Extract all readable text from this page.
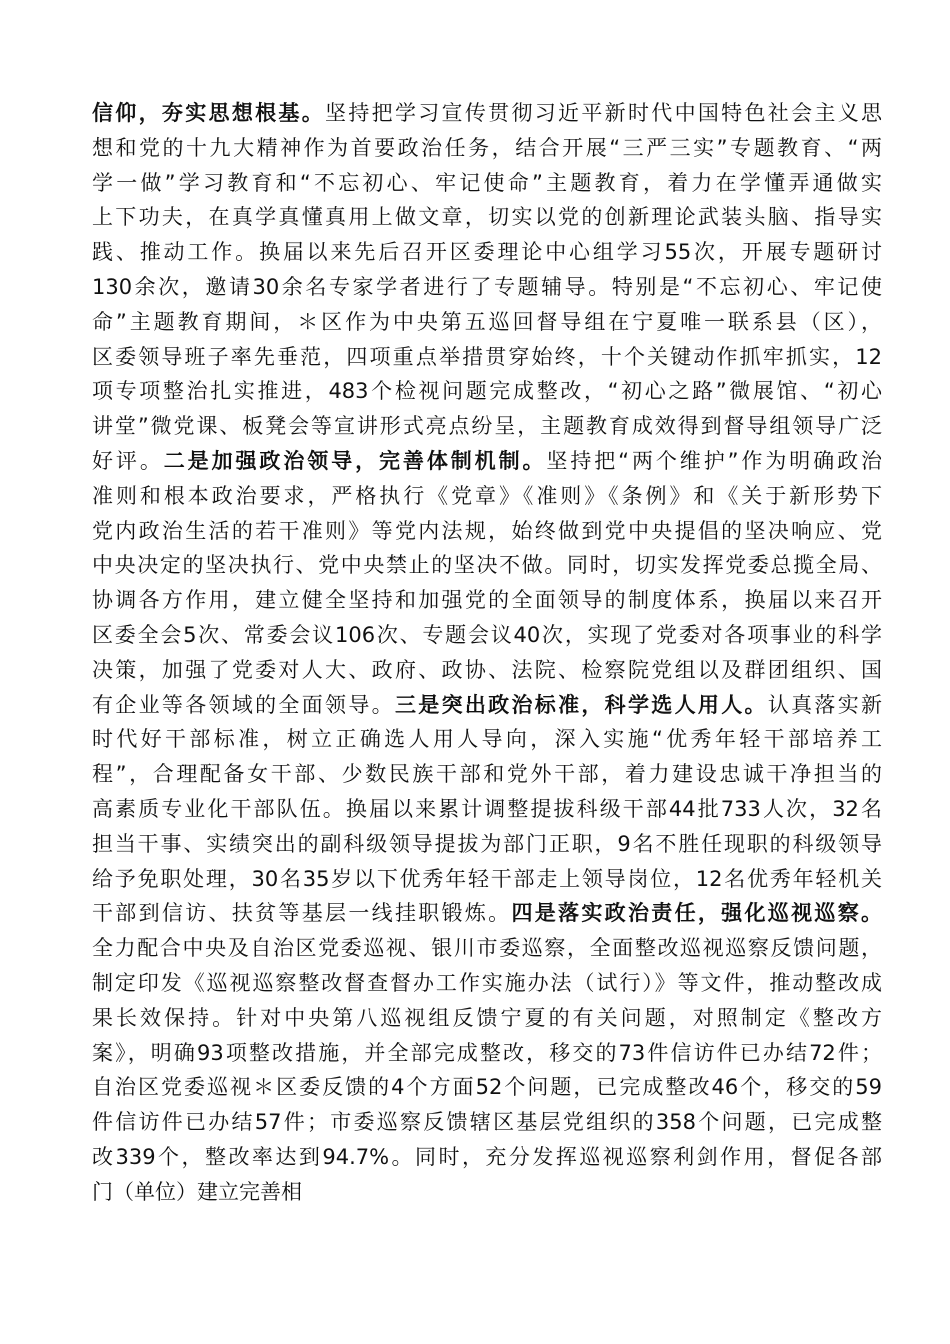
信仰，夯实思想根基。坚持把学习宣传贯彻习近平新时代中国特色社会主义思
想和党的十九大精神作为首要政治任务，结合开展“三严三实”专题教育、“两
学一做”学习教育和“不忘初心、牢记使命”主题教育，着力在学懂弄通做实
上下功夫，在真学真懂真用上做文章，切实以党的创新理论武装头脑、指导实
践、推动工作。换届以来先后召开区委理论中心组学习55次，开展专题研讨
130余次，邀请30余名专家学者进行了专题辅导。特别是“不忘初心、牢记使
命”主题教育期间，＊区作为中央第五巡回督导组在宁夏唯一联系县（区），
区委领导班子率先垂范，四项重点举措贯穿始终，十个关键动作抓牢抓实，12
项专项整治扎实推进，483个检视问题完成整改，“初心之路”微展馆、“初心
讲堂”微党课、板凳会等宣讲形式亮点纷呈，主题教育成效得到督导组领导广泛
好评。二是加强政治领导，完善体制机制。坚持把“两个维护”作为明确政治
准则和根本政治要求，严格执行《党章》《准则》《条例》和《关于新形势下
党内政治生活的若干准则》等党内法规，始终做到党中央提倡的坚决响应、党
中央决定的坚决执行、党中央禁止的坚决不做。同时，切实发挥党委总揽全局、
协调各方作用，建立健全坚持和加强党的全面领导的制度体系，换届以来召开
区委全会5次、常委会议106次、专题会议40次，实现了党委对各项事业的科学
决策，加强了党委对人大、政府、政协、法院、检察院党组以及群团组织、国
有企业等各领域的全面领导。三是突出政治标准，科学选人用人。认真落实新
时代好干部标准，树立正确选人用人导向，深入实施“优秀年轻干部培养工
程”，合理配备女干部、少数民族干部和党外干部，着力建设忠诚干净担当的
高素质专业化干部队伍。换届以来累计调整提拔科级干部44批733人次，32名
担当干事、实绩突出的副科级领导提拔为部门正职，9名不胜任现职的科级领导
给予免职处理，30名35岁以下优秀年轻干部走上领导岗位，12名优秀年轻机关
干部到信访、扶贫等基层一线挂职锻炼。四是落实政治责任，强化巡视巡察。
全力配合中央及自治区党委巡视、银川市委巡察，全面整改巡视巡察反馈问题，
制定印发《巡视巡察整改督查督办工作实施办法（试行）》等文件，推动整改成
果长效保持。针对中央第八巡视组反馈宁夏的有关问题，对照制定《整改方
案》，明确93项整改措施，并全部完成整改，移交的73件信访件已办结72件；
自治区党委巡视＊区委反馈的4个方面52个问题，已完成整改46个，移交的59
件信访件已办结57件；市委巡察反馈辖区基层党组织的358个问题，已完成整
改339个，整改率达到94.7%。同时，充分发挥巡视巡察利剑作用，督促各部
门（单位）建立完善相
